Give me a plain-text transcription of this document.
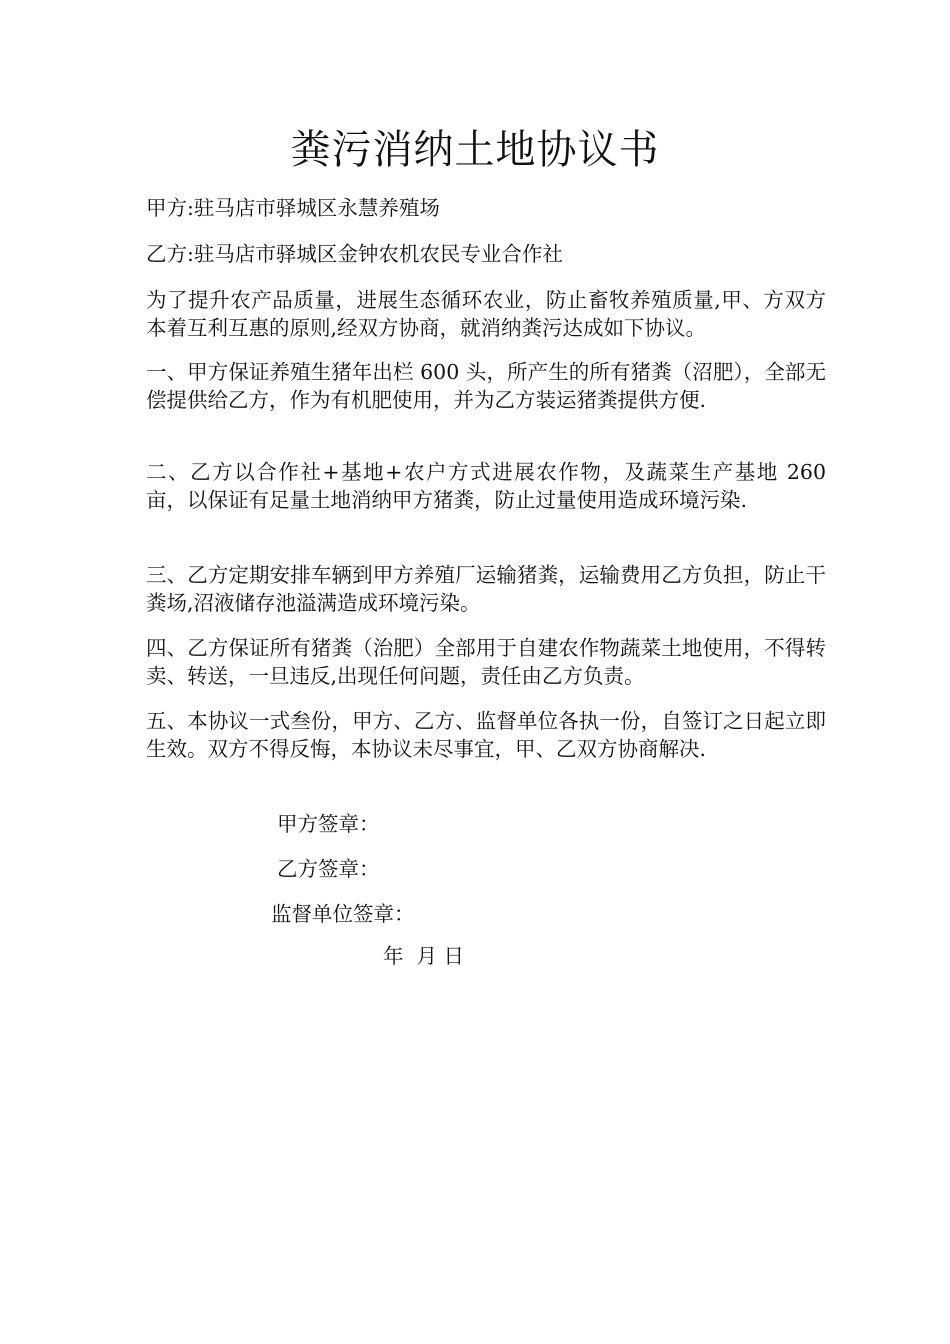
粪污消纳土地协议书

甲方:驻马店市驿城区永慧养殖场

乙方:驻马店市驿城区金钟农机农民专业合作社

为了提升农产品质量，进展生态循环农业，防止畜牧养殖质量,甲、方双方本着互利互惠的原则,经双方协商，就消纳粪污达成如下协议。

一、甲方保证养殖生猪年出栏 600 头，所产生的所有猪粪（沼肥），全部无偿提供给乙方，作为有机肥使用，并为乙方装运猪粪提供方便.

二、乙方以合作社+基地+农户方式进展农作物，及蔬菜生产基地 260 亩，以保证有足量土地消纳甲方猪粪，防止过量使用造成环境污染.

三、乙方定期安排车辆到甲方养殖厂运输猪粪，运输费用乙方负担，防止干粪场,沼液储存池溢满造成环境污染。

四、乙方保证所有猪粪（治肥）全部用于自建农作物蔬菜土地使用，不得转卖、转送，一旦违反,出现任何问题，责任由乙方负责。

五、本协议一式叁份，甲方、乙方、监督单位各执一份，自签订之日起立即生效。双方不得反悔，本协议未尽事宜，甲、乙双方协商解决.

甲方签章：

乙方签章：

监督单位签章：

年  月 日
